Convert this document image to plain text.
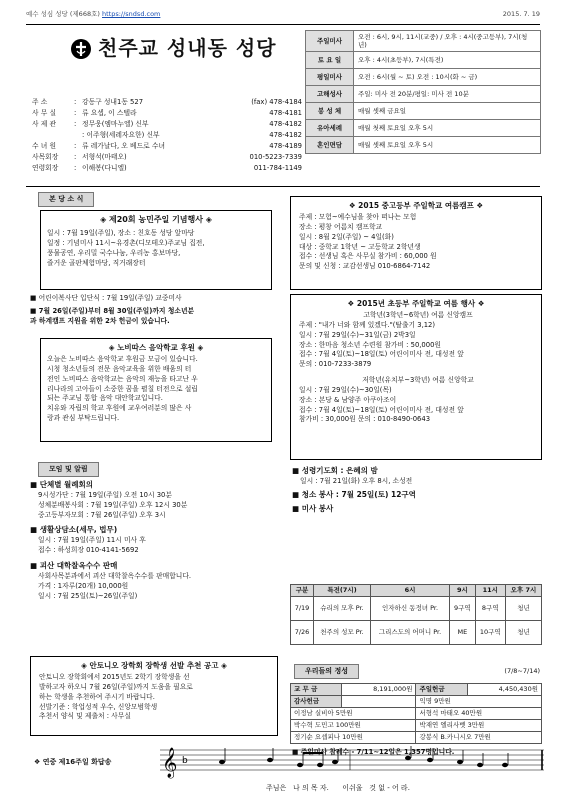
예수 성심 성당 (제668호) https://sndsd.com	2015. 7. 19
천주교 성내동 성당
주 소	: 강동구 성내1동 527	(fax) 478-4184
사 무 실	: 류 요셉, 이 스텔라	478-4181
사 제 관	: 정무웅(엠마누엘) 신부	478-4182
: 이주형(세레자요한) 신부	478-4182
수 녀 원	: 류 레가날다, 오 베드로 수녀	478-4189
사목회장	: 서형석(마태오)	010-5223-7339
연령회장	: 이해봉(다니엘)	011-784-1149
주일미사	오전 : 6시, 9시, 11시(교중) / 오후 : 4시(중고등부), 7시(청년)
토 요 일	오후 : 4시(초등부), 7시(특전)
평일미사	오전 : 6시(월 ~ 토) 오전 : 10시(화 ~ 금)
고해성사	주일: 미사 전 20분/평일: 미사 전 10분
봉 성 체	매월 셋째 금요일
유아세례	매월 첫째 토요일 오후 5시
혼인면담	매월 셋째 토요일 오후 5시
본 당 소 식
◈ 제20회 농민주일 기념행사 ◈
일시 : 7월 19일(주일), 장소 : 친호동 성당 앞마당
일정 : 기념미사 11시~유경촌(디모테오)주교님 집전,
풍물공연, 우리밀 국수나눔, 우리농 홍보마당,
즐거운 골판체험마당, 직거래장터
■ 어린이복사단 입단식 : 7월 19일(주일) 교중미사
■ 7월 26일(주일)부터 8월 30일(주일)까지 청소년분
과 하계캠프 지원을 위한 2차 헌금이 있습니다.
◈ 노비따스 음악학교 후원 ◈
오늘은 노비따스 음악학교 후원금 모금이 있습니다.
시청 청소년들의 전문 음악교육을 위한 배움의 터
전인 노비따스 음악학교는 음악의 재능을 타고난 우
리나라의 고아들이 소중한 꿈을 펼칠 터전으로 설립
되는 주교님 통합 음악 대안학교입니다.
치유와 자립의 학교 후원에 교우여러분의 많은 사
랑과 관심 부탁드립니다.
모임 및 알림
■ 단체별 월례회의
9시성가단 : 7월 19일(주일) 오전 10시 30분
성체분배봉사회 : 7월 19일(주일) 오후 12시 30분
중고등부자모회 : 7월 26일(주일) 오후 3시
■ 생활상담소(세무, 법무)
일시 : 7월 19일(주일) 11시 미사 후
접수 : 하성희장 010-4141-5692
■ 괴산 대학찰옥수수 판매
사회사목분과에서 괴산 대학찰옥수수를 판매합니다.
가격 : 1자루(20개) 10,000원
일시 : 7월 25일(토)~26일(주일)
◈ 안토니오 장학회 장학생 선발 추천 공고 ◈
안토니오 장학회에서 2015년도 2학기 장학생을 선
발하고자 하오니 7월 26일(주일)까지 도움을 필요로
하는 학생을 추천하여 주시기 바랍니다.
선발기준 : 학업성적 우수, 신앙모범학생
추천서 양식 및 제출처 : 사무실
❖ 2015 중고등부 주일학교 여름캠프 ❖
주제 : 모험~예수님을 찾아 떠나는 모험
장소 : 평창 어름치 캠프학교
일시 : 8월 2일(주일) ~ 4일(화)
대상 : 중학교 1학년 ~ 고등학교 2학년생
접수 : 선생님 혹은 사무실 참가비 : 60,000 원
문의 및 신청 : 교감선생님 010-6864-7142
❖ 2015년 초등부 주일학교 여름 행사 ❖
고학년(3학년~6학년) 여름 신앙캠프
주제 : "내가 너와 함께 있겠다."(탈출기 3,12)
일시 : 7월 29일(수)~31일(금) 2박3일
장소 : 한마음 청소년 수련원 참가비 : 50,000원
접수 : 7월 4일(토)~18일(토) 어린이미사 전, 대성전 앞
문의 : 010-7233-3879
저학년(유치부~3학년) 여름 신앙학교
일시 : 7월 29일(수)~30일(목)
장소 : 본당 & 남양주 아쿠아조이
접수 : 7월 4일(토)~18일(토) 어린이미사 전, 대성전 앞
참가비 : 30,000원 문의 : 010-8490-0643
■ 성령기도회 : 은혜의 밤
일시 : 7월 21일(화) 오후 8시, 소성전
■ 청소 봉사 : 7월 25일(토) 12구역
■ 미사 봉사
구분	특전(7시)	6시	9시	11시	오후 7시
7/19	슈리의 모후 Pr.	인자하신 동정녀 Pr.	9구역	8구역	청년
7/26	천주의 성모 Pr.	그리스도의 어머니 Pr.	ME	10구역	청년
우리들의 정성	(7/8~7/14)
교 무 금	8,191,000원	주일헌금	4,450,430원
감사헌금		익명 9만원	
이정남 실비아 5만원		서형석 마태오 40만원	
박수혁 도민고 100만원		박재연 엘리사벳 3만원	
정기순 요셉피나 10만원		강봉식 B.카니시오 7만원	
■ 주일미사 참례수 - 7/11~12일은 1,357명입니다.
❖ 연중 제16주일 화답송 𝄞 b
주님은   나 의 목 자.      이쉬울   것 없 - 어 라.
